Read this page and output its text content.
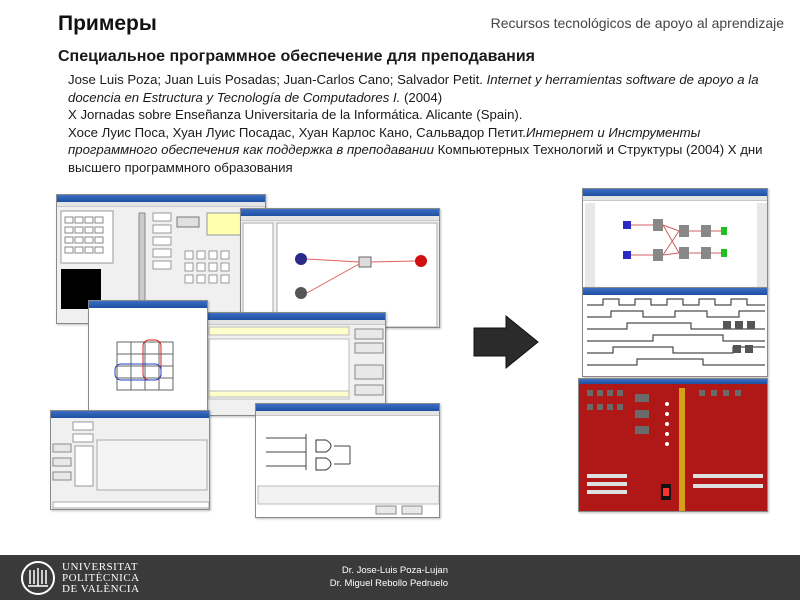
Примеры	Recursos tecnológicos de apoyo al aprendizaje
Специальное программное обеспечение для преподавания

Jose Luis Poza; Juan Luis Posadas; Juan-Carlos Cano; Salvador Petit. Internet y herramientas software de apoyo a la docencia en Estructura y Tecnología de Computadores I. (2004)

X Jornadas sobre Enseñanza Universitaria de la Informática. Alicante (Spain).

Хосе Луис Поса, Хуан Луис Посадас, Хуан Карлос Кано, Сальвадор Петит.Интернет и Инструменты программного обеспечения как поддержка в преподавании Компьютерных Технологий и Структуры (2004) X дни высшего программного образования

UNIVERSITAT
POLITÈCNICA
DE VALÈNCIA
Dr. Jose-Luis Poza-Lujan
Dr. Miguel Rebollo Pedruelo
